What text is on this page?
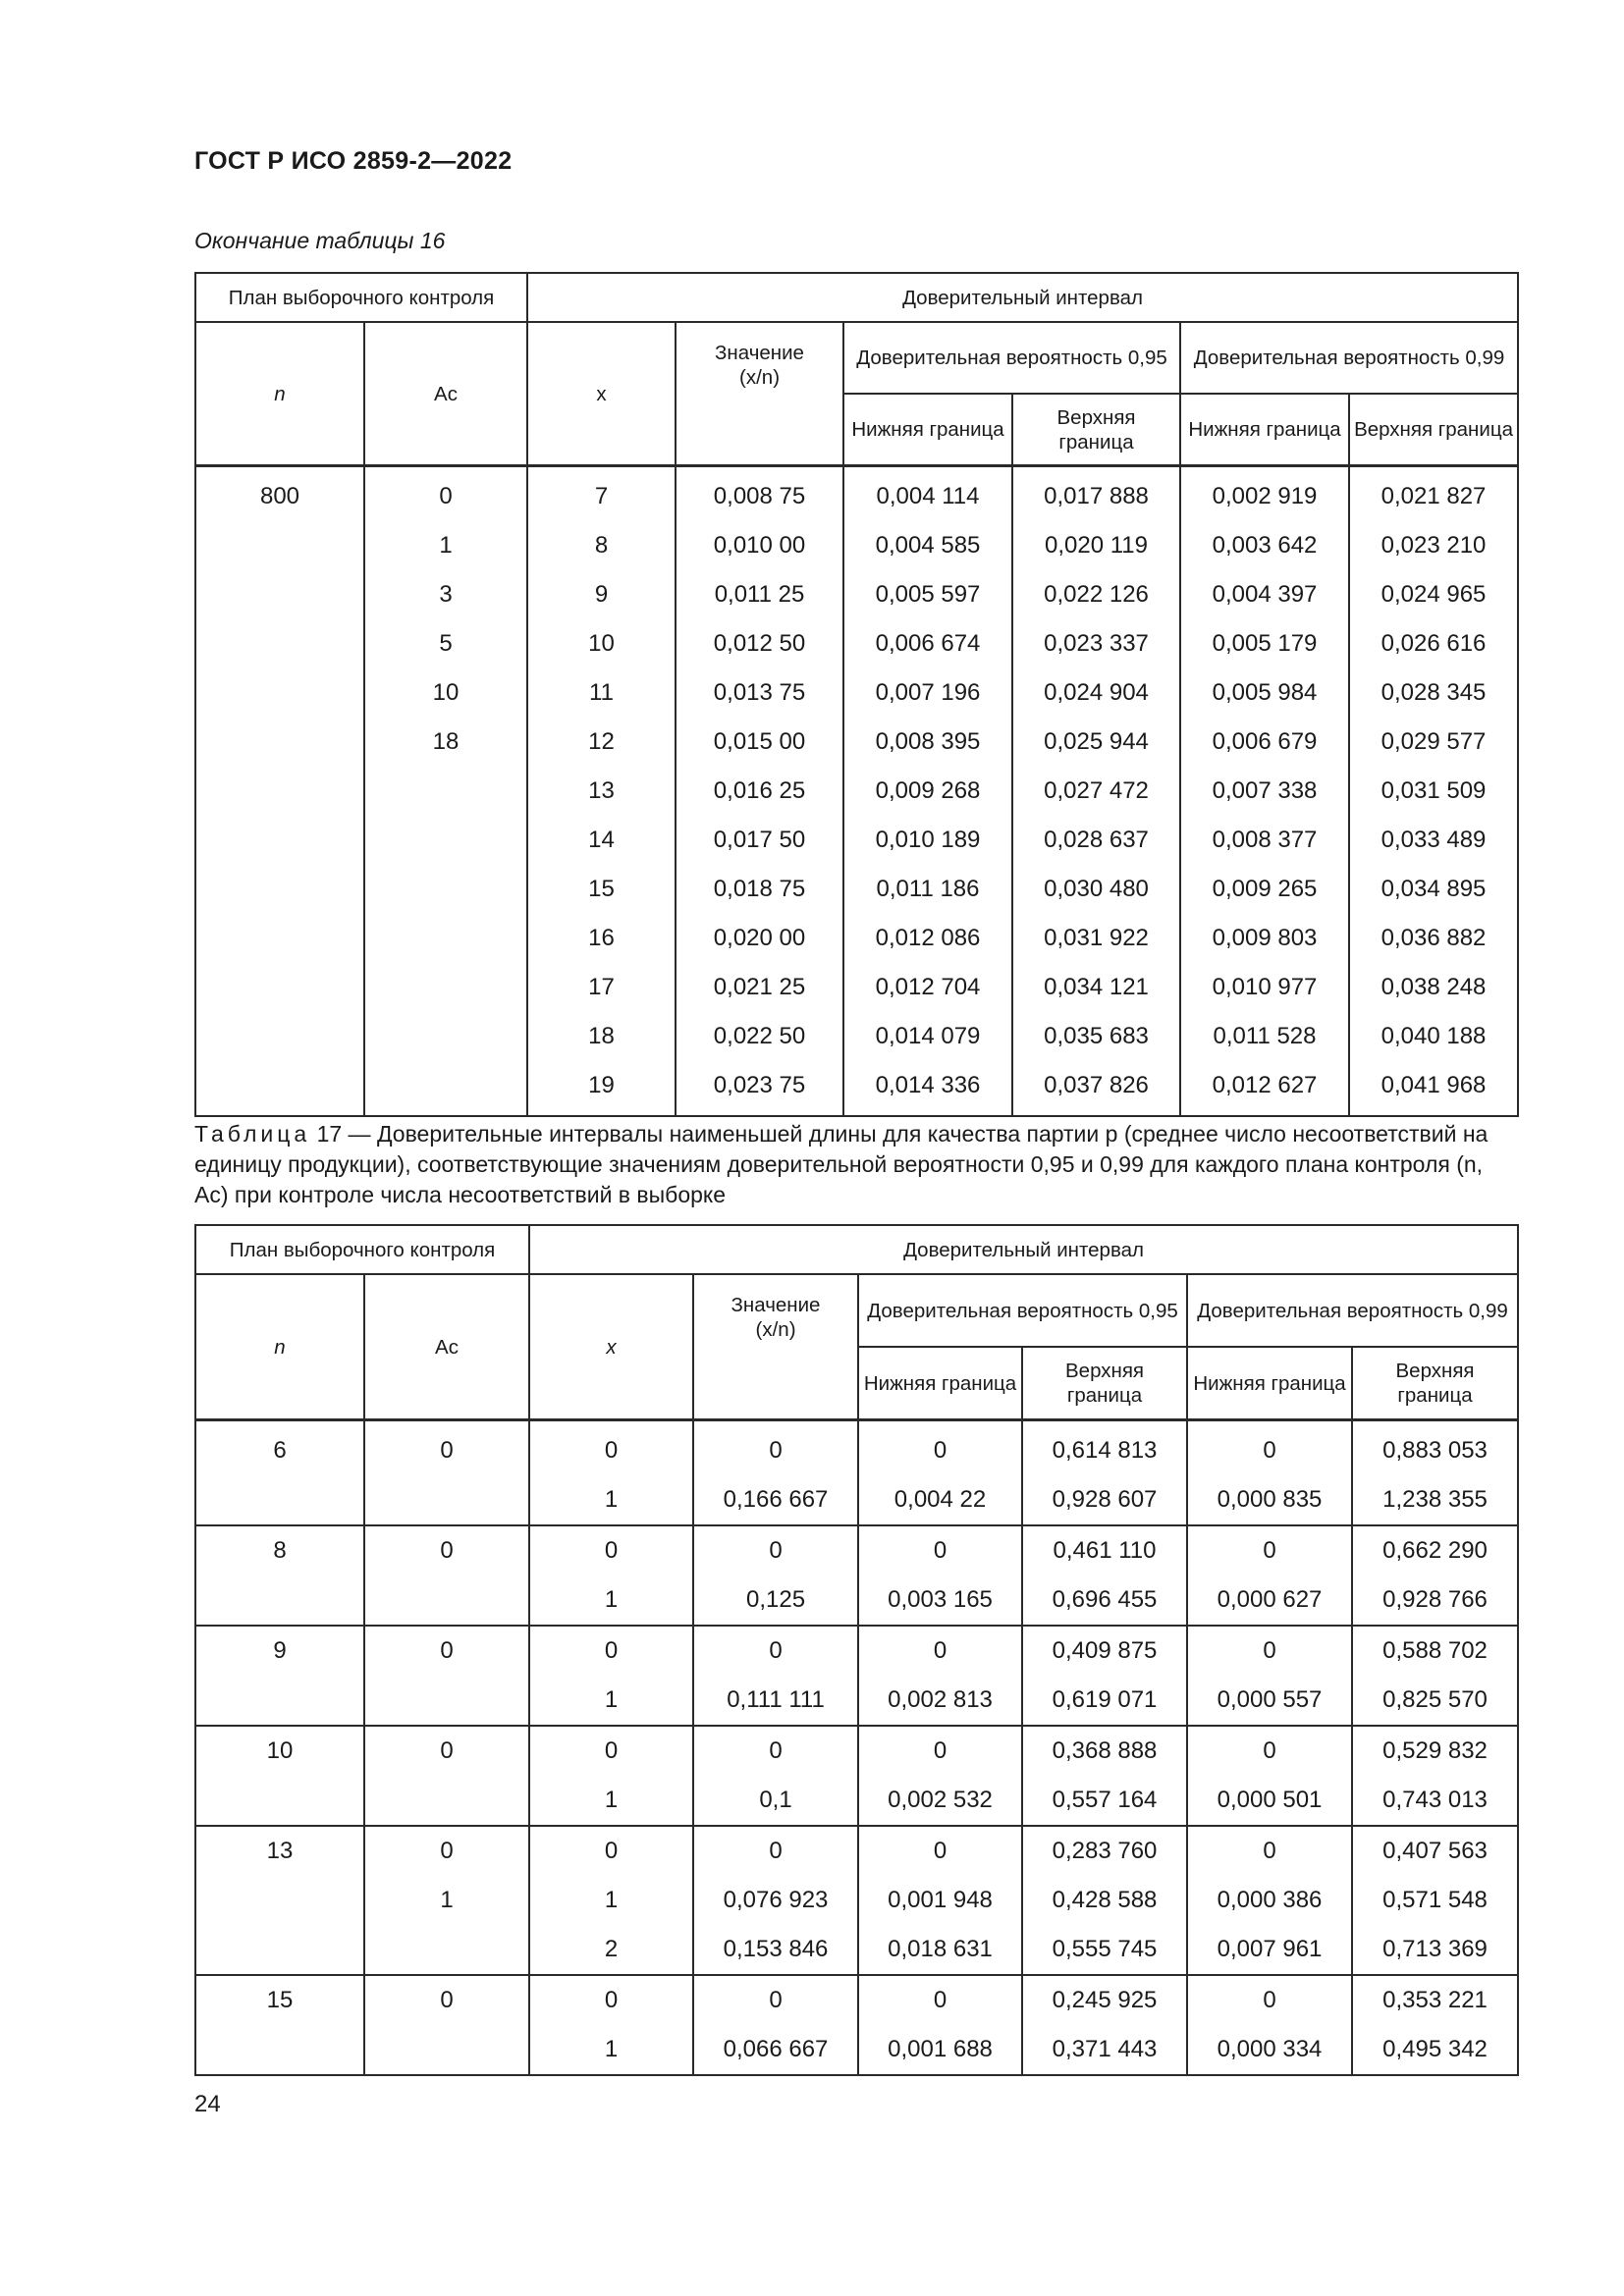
ГОСТ Р ИСО 2859-2—2022
Окончание таблицы 16
План выборочного контроля		Доверительный интервал					
n	Ac	x	Значение
(x/n)	Доверительная вероятность 0,95		Доверительная вероятность 0,99	
				Нижняя граница	Верхняя граница	Нижняя граница	Верхняя граница

800	0	7	0,008 75	0,004 114	0,017 888	0,002 919	0,021 827
	1	8	0,010 00	0,004 585	0,020 119	0,003 642	0,023 210
	3	9	0,011 25	0,005 597	0,022 126	0,004 397	0,024 965
	5	10	0,012 50	0,006 674	0,023 337	0,005 179	0,026 616
	10	11	0,013 75	0,007 196	0,024 904	0,005 984	0,028 345
	18	12	0,015 00	0,008 395	0,025 944	0,006 679	0,029 577
		13	0,016 25	0,009 268	0,027 472	0,007 338	0,031 509
		14	0,017 50	0,010 189	0,028 637	0,008 377	0,033 489
		15	0,018 75	0,011 186	0,030 480	0,009 265	0,034 895
		16	0,020 00	0,012 086	0,031 922	0,009 803	0,036 882
		17	0,021 25	0,012 704	0,034 121	0,010 977	0,038 248
		18	0,022 50	0,014 079	0,035 683	0,011 528	0,040 188
		19	0,023 75	0,014 336	0,037 826	0,012 627	0,041 968

Таблица 17 — Доверительные интервалы наименьшей длины для качества партии p (среднее число несоответствий на единицу продукции), соответствующие значениям доверительной вероятности 0,95 и 0,99 для каждого плана контроля (n, Ac) при контроле числа несоответствий в выборке
План выборочного контроля		Доверительный интервал					
n	Ac	x	Значение
(x/n)	Доверительная вероятность 0,95		Доверительная вероятность 0,99	
				Нижняя граница	Верхняя граница	Нижняя граница	Верхняя граница

6	0	0	0	0	0,614 813	0	0,883 053
		1	0,166 667	0,004 22	0,928 607	0,000 835	1,238 355
8	0	0	0	0	0,461 110	0	0,662 290
		1	0,125	0,003 165	0,696 455	0,000 627	0,928 766
9	0	0	0	0	0,409 875	0	0,588 702
		1	0,111 111	0,002 813	0,619 071	0,000 557	0,825 570
10	0	0	0	0	0,368 888	0	0,529 832
		1	0,1	0,002 532	0,557 164	0,000 501	0,743 013
13	0	0	0	0	0,283 760	0	0,407 563
	1	1	0,076 923	0,001 948	0,428 588	0,000 386	0,571 548
		2	0,153 846	0,018 631	0,555 745	0,007 961	0,713 369
15	0	0	0	0	0,245 925	0	0,353 221
		1	0,066 667	0,001 688	0,371 443	0,000 334	0,495 342
24
